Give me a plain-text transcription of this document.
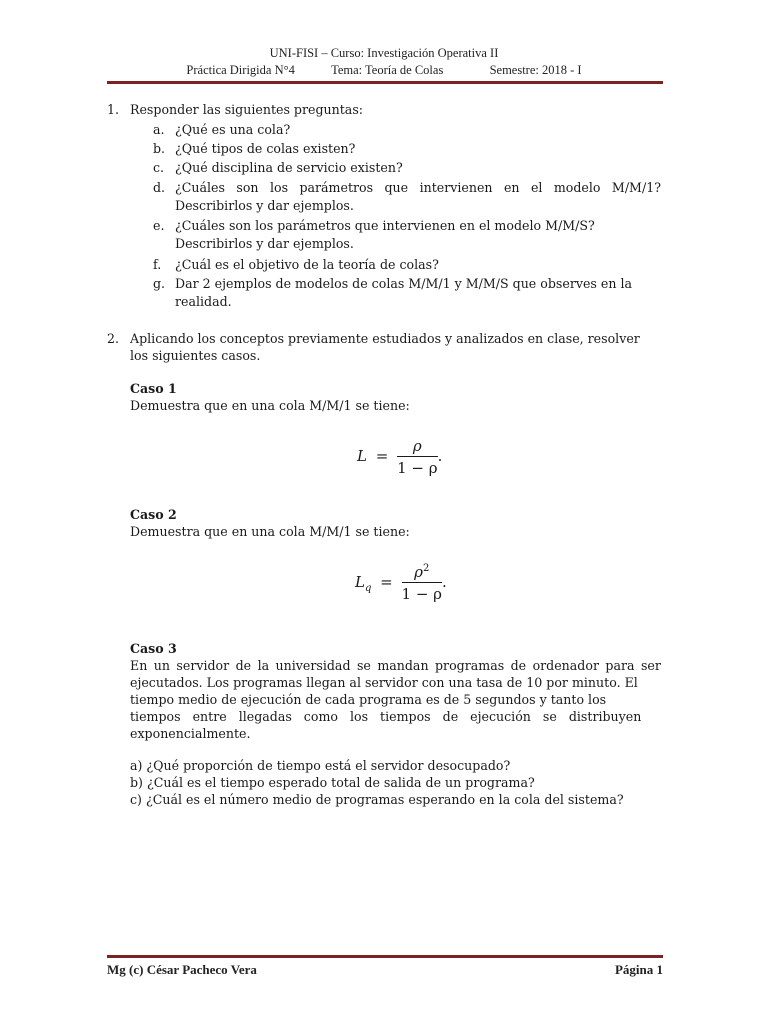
UNI-FISI – Curso: Investigación Operativa II
Práctica Dirigida N°4	Tema: Teoría de Colas	Semestre: 2018 - I
1. Responder las siguientes preguntas:
a. ¿Qué es una cola?
b. ¿Qué tipos de colas existen?
c. ¿Qué disciplina de servicio existen?
d. ¿Cuáles son los parámetros que intervienen en el modelo M/M/1?
Describirlos y dar ejemplos.
e. ¿Cuáles son los parámetros que intervienen en el modelo M/M/S?
Describirlos y dar ejemplos.
f. ¿Cuál es el objetivo de la teoría de colas?
g. Dar 2 ejemplos de modelos de colas M/M/1 y M/M/S que observes en la
realidad.
2. Aplicando los conceptos previamente estudiados y analizados en clase, resolver
los siguientes casos.
Caso 1
Demuestra que en una cola M/M/1 se tiene:
$L = \frac{\rho}{1 - \rho}$ .
Caso 2
Demuestra que en una cola M/M/1 se tiene:
$L_q = \frac{\rho^2}{1 - \rho}$ .
Caso 3
En un servidor de la universidad se mandan programas de ordenador para ser
ejecutados. Los programas llegan al servidor con una tasa de 10 por minuto. El
tiempo medio de ejecución de cada programa es de 5 segundos y tanto los
tiempos entre llegadas como los tiempos de ejecución se distribuyen
exponencialmente.
a) ¿Qué proporción de tiempo está el servidor desocupado?
b) ¿Cuál es el tiempo esperado total de salida de un programa?
c) ¿Cuál es el número medio de programas esperando en la cola del sistema?
Mg (c) César Pacheco Vera	Página 1
